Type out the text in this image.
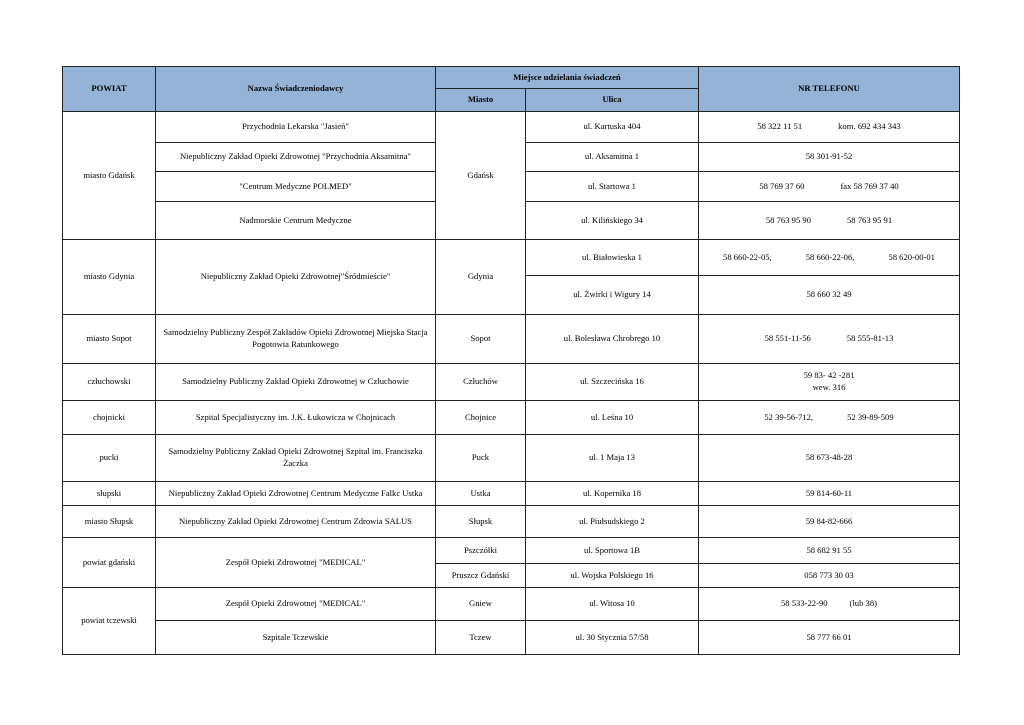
POWIAT	Nazwa Świadczeniodawcy	Miejsce udzielania świadczeń		NR TELEFONU
		Miasto	Ulica	
miasto Gdańsk	Przychodnia Lekarska "Jasień"	Gdańsk	ul. Kartuska 404	58 322 11 51 kom. 692 434 343
	Niepubliczny Zakład Opieki Zdrowotnej "Przychodnia Aksamitna"		ul. Aksamitna 1	58 301-91-52
	"Centrum Medyczne POLMED"		ul. Startowa 1	58 769 37 60 fax 58 769 37 40
	Nadmorskie Centrum Medyczne		ul. Kilińskiego 34	58 763 95 90 58 763 95 91
miasto Gdynia	Niepubliczny Zakład Opieki Zdrowotnej"Śródmieście"	Gdynia	ul. Białowieska 1	58 660-22-05, 58 660-22-06, 58 620-00-01
			ul. Żwirki i Wigury 14	58 660 32 49
miasto Sopot	Samodzielny Publiczny Zespół Zakładów Opieki Zdrowotnej Miejska Stacja Pogotowia Ratunkowego	Sopot	ul. Bolesława Chrobrego 10	58 551-11-56 58 555-81-13
człuchowski	Samodzielny Publiczny Zakład Opieki Zdrowotnej w Człuchowie	Człuchów	ul. Szczecińska 16	59 83- 42 -281
wew. 316
chojnicki	Szpital Specjalistyczny im. J.K. Łukowicza w Chojnicach	Chojnice	ul. Leśna 10	52 39-56-712, 52 39-89-509
pucki	Samodzielny Publiczny Zakład Opieki Zdrowotnej Szpital im. Franciszka Żaczka	Puck	ul. 1 Maja 13	58 673-48-28
słupski	Niepubliczny Zakład Opieki Zdrowotnej Centrum Medyczne Falkc Ustka	Ustka	ul. Kopernika 18	59 814-60-11
miasto Słupsk	Niepubliczny Zakład Opieki Zdrowotnej Centrum Zdrowia SALUS	Słupsk	ul. Piułsudskiego 2	59 84-82-666
powiat gdański	Zespół Opieki Zdrowotnej "MEDICAL"	Pszczółki	ul. Sportowa 1B	58 682 91 55
		Pruszcz Gdański	ul. Wojska Polskiego 16	058 773 30 03
powiat tczewski	Zespół Opieki Zdrowotnej "MEDICAL"	Gniew	ul. Witosa 10	58 533-22-90 (lub 38)
	Szpitale Tczewskie	Tczew	ul. 30 Stycznia 57/58	58 777 66 01
